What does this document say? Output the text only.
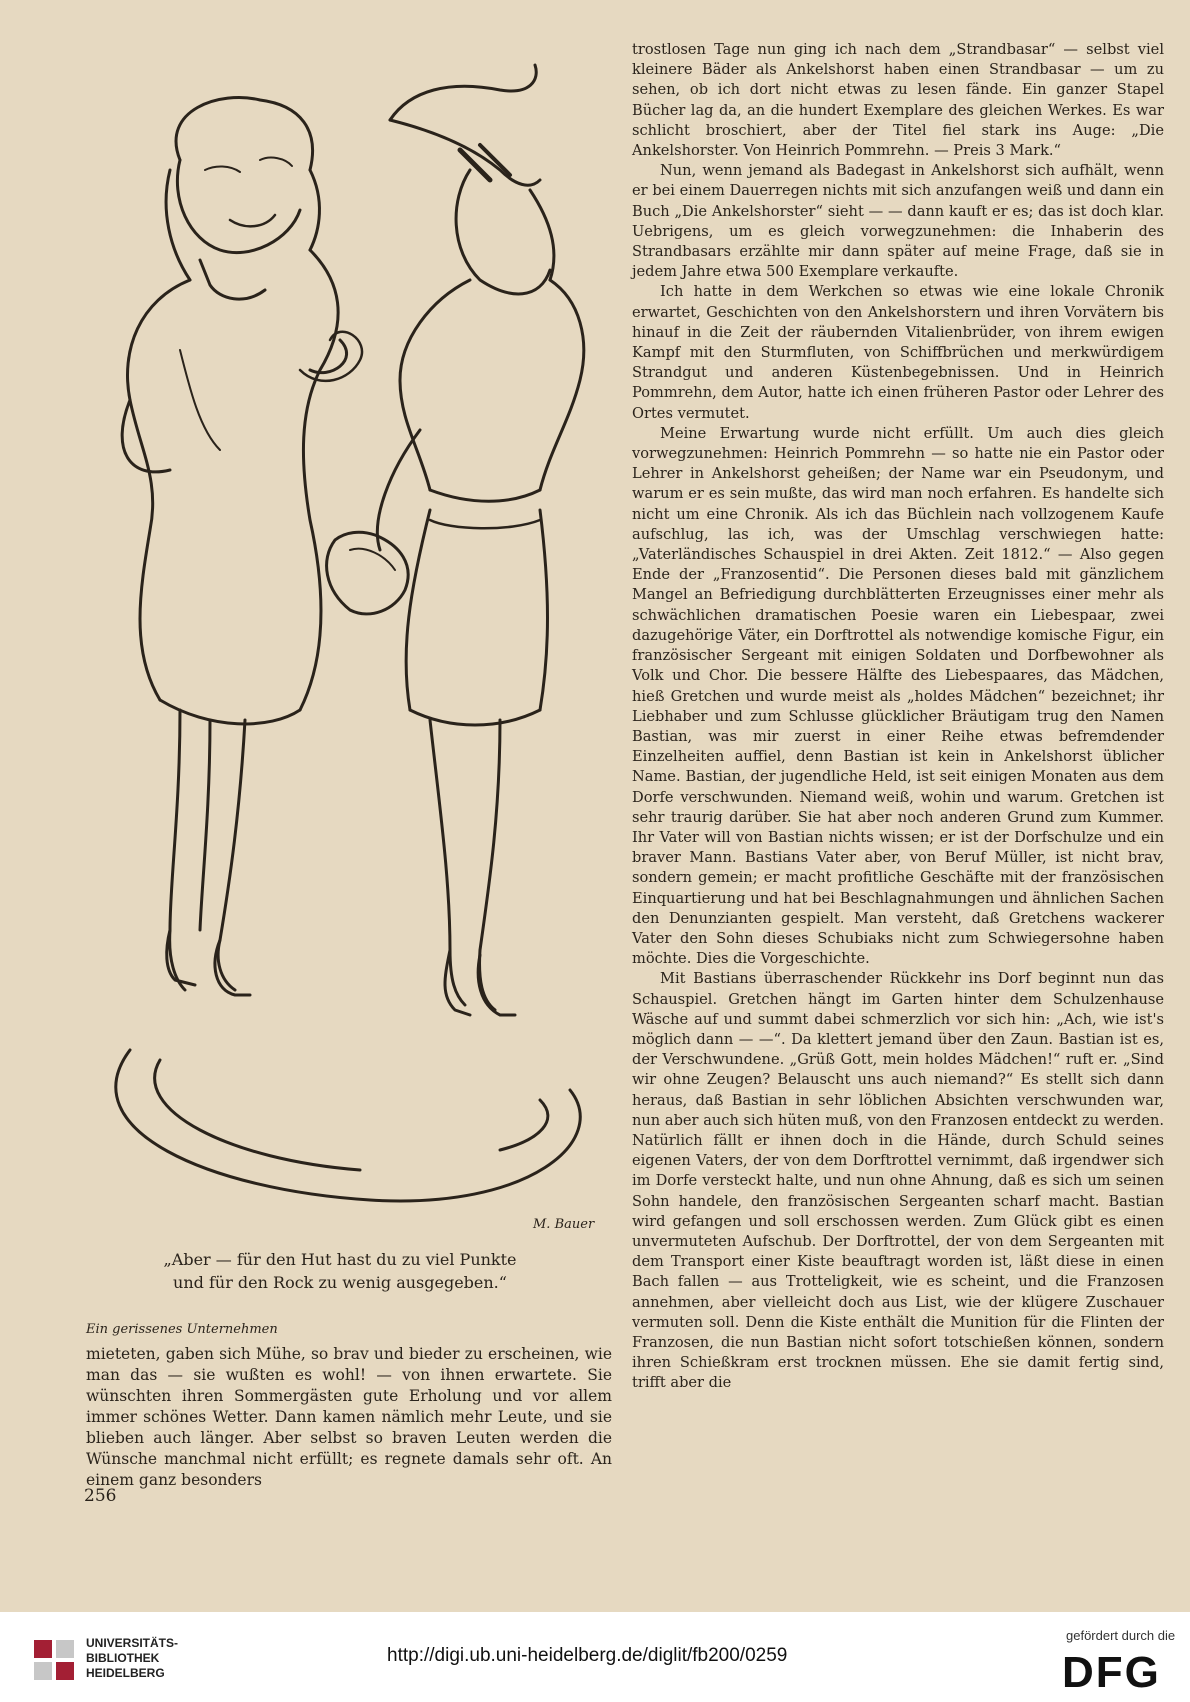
M. Bauer
„Aber — für den Hut hast du zu viel Punkte
und für den Rock zu wenig ausgegeben.“
Ein gerissenes Unternehmen

mieteten, gaben sich Mühe, so brav und bieder zu erscheinen, wie man das — sie wußten es wohl! — von ihnen erwartete. Sie wünschten ihren Sommergästen gute Erholung und vor allem immer schönes Wetter. Dann kamen nämlich mehr Leute, und sie blieben auch länger. Aber selbst so braven Leuten werden die Wünsche manchmal nicht erfüllt; es regnete damals sehr oft. An einem ganz besonders

256

trostlosen Tage nun ging ich nach dem „Strandbasar“ — selbst viel kleinere Bäder als Ankelshorst haben einen Strandbasar — um zu sehen, ob ich dort nicht etwas zu lesen fände. Ein ganzer Stapel Bücher lag da, an die hundert Exemplare des gleichen Werkes. Es war schlicht broschiert, aber der Titel fiel stark ins Auge: „Die Ankelshorster. Von Heinrich Pommrehn. — Preis 3 Mark.“

Nun, wenn jemand als Badegast in Ankelshorst sich aufhält, wenn er bei einem Dauerregen nichts mit sich anzufangen weiß und dann ein Buch „Die Ankelshorster“ sieht — — dann kauft er es; das ist doch klar. Uebrigens, um es gleich vorwegzunehmen: die Inhaberin des Strandbasars erzählte mir dann später auf meine Frage, daß sie in jedem Jahre etwa 500 Exemplare verkaufte.

Ich hatte in dem Werkchen so etwas wie eine lokale Chronik erwartet, Geschichten von den Ankelshorstern und ihren Vorvätern bis hinauf in die Zeit der räubernden Vitalienbrüder, von ihrem ewigen Kampf mit den Sturmfluten, von Schiffbrüchen und merkwürdigem Strandgut und anderen Küstenbegebnissen. Und in Heinrich Pommrehn, dem Autor, hatte ich einen früheren Pastor oder Lehrer des Ortes vermutet.

Meine Erwartung wurde nicht erfüllt. Um auch dies gleich vorwegzunehmen: Heinrich Pommrehn — so hatte nie ein Pastor oder Lehrer in Ankelshorst geheißen; der Name war ein Pseudonym, und warum er es sein mußte, das wird man noch erfahren. Es handelte sich nicht um eine Chronik. Als ich das Büchlein nach vollzogenem Kaufe aufschlug, las ich, was der Umschlag verschwiegen hatte: „Vaterländisches Schauspiel in drei Akten. Zeit 1812.“ — Also gegen Ende der „Franzosentid“. Die Personen dieses bald mit gänzlichem Mangel an Befriedigung durchblätterten Erzeugnisses einer mehr als schwächlichen dramatischen Poesie waren ein Liebespaar, zwei dazugehörige Väter, ein Dorftrottel als notwendige komische Figur, ein französischer Sergeant mit einigen Soldaten und Dorfbewohner als Volk und Chor. Die bessere Hälfte des Liebespaares, das Mädchen, hieß Gretchen und wurde meist als „holdes Mädchen“ bezeichnet; ihr Liebhaber und zum Schlusse glücklicher Bräutigam trug den Namen Bastian, was mir zuerst in einer Reihe etwas befremdender Einzelheiten auffiel, denn Bastian ist kein in Ankelshorst üblicher Name. Bastian, der jugendliche Held, ist seit einigen Monaten aus dem Dorfe verschwunden. Niemand weiß, wohin und warum. Gretchen ist sehr traurig darüber. Sie hat aber noch anderen Grund zum Kummer. Ihr Vater will von Bastian nichts wissen; er ist der Dorfschulze und ein braver Mann. Bastians Vater aber, von Beruf Müller, ist nicht brav, sondern gemein; er macht profitliche Geschäfte mit der französischen Einquartierung und hat bei Beschlagnahmungen und ähnlichen Sachen den Denunzianten gespielt. Man versteht, daß Gretchens wackerer Vater den Sohn dieses Schubiaks nicht zum Schwiegersohne haben möchte. Dies die Vorgeschichte.

Mit Bastians überraschender Rückkehr ins Dorf beginnt nun das Schauspiel. Gretchen hängt im Garten hinter dem Schulzenhause Wäsche auf und summt dabei schmerzlich vor sich hin: „Ach, wie ist's möglich dann — —“. Da klettert jemand über den Zaun. Bastian ist es, der Verschwundene. „Grüß Gott, mein holdes Mädchen!“ ruft er. „Sind wir ohne Zeugen? Belauscht uns auch niemand?“ Es stellt sich dann heraus, daß Bastian in sehr löblichen Absichten verschwunden war, nun aber auch sich hüten muß, von den Franzosen entdeckt zu werden. Natürlich fällt er ihnen doch in die Hände, durch Schuld seines eigenen Vaters, der von dem Dorftrottel vernimmt, daß irgendwer sich im Dorfe versteckt halte, und nun ohne Ahnung, daß es sich um seinen Sohn handele, den französischen Sergeanten scharf macht. Bastian wird gefangen und soll erschossen werden. Zum Glück gibt es einen unvermuteten Aufschub. Der Dorftrottel, der von dem Sergeanten mit dem Transport einer Kiste beauftragt worden ist, läßt diese in einen Bach fallen — aus Trotteligkeit, wie es scheint, und die Franzosen annehmen, aber vielleicht doch aus List, wie der klügere Zuschauer vermuten soll. Denn die Kiste enthält die Munition für die Flinten der Franzosen, die nun Bastian nicht sofort totschießen können, sondern ihren Schießkram erst trocknen müssen. Ehe sie damit fertig sind, trifft aber die

UNIVERSITÄTS-
BIBLIOTHEK
HEIDELBERG
http://digi.ub.uni-heidelberg.de/diglit/fb200/0259
gefördert durch die
DFG
